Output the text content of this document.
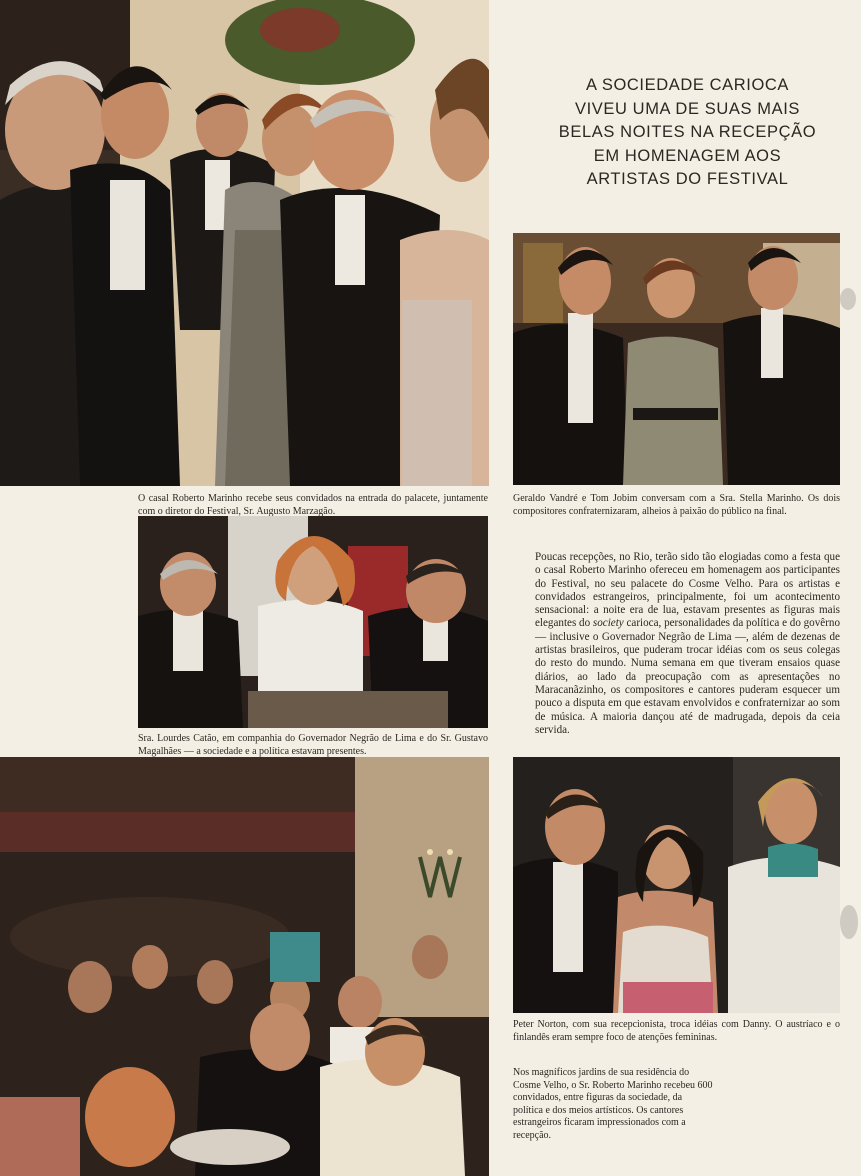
A SOCIEDADE CARIOCA
VIVEU UMA DE SUAS MAIS
BELAS NOITES NA RECEPÇÃO
EM HOMENAGEM AOS
ARTISTAS DO FESTIVAL
O casal Roberto Marinho recebe seus convidados na entrada do palacete, juntamente com o diretor do Festival, Sr. Augusto Marzagão.
Geraldo Vandré e Tom Jobim conversam com a Sra. Stella Marinho. Os dois compositores confraternizaram, alheios à paixão do público na final.
Sra. Lourdes Catão, em companhia do Governador Negrão de Lima e do Sr. Gustavo Magalhães — a sociedade e a política estavam presentes.
Poucas recepções, no Rio, terão sido tão elogiadas como a festa que o casal Roberto Marinho ofereceu em homenagem aos participantes do Festival, no seu palacete do Cosme Velho. Para os artistas e convidados estrangeiros, principalmente, foi um acontecimento sensacional: a noite era de lua, estavam presentes as figuras mais elegantes do society carioca, personalidades da política e do govêrno — inclusive o Governador Negrão de Lima —, além de dezenas de artistas brasileiros, que puderam trocar idéias com os seus colegas do resto do mundo. Numa semana em que tiveram ensaios quase diários, ao lado da preocupação com as apresentações no Maracanãzinho, os compositores e cantores puderam esquecer um pouco a disputa em que estavam envolvidos e confraternizar ao som de música. A maioria dançou até de madrugada, depois da ceia servida.
Peter Norton, com sua recepcionista, troca idéias com Danny. O austríaco e o finlandês eram sempre foco de atenções femininas.
Nos magníficos jardins de sua residência do Cosme Velho, o Sr. Roberto Marinho recebeu 600 convidados, entre figuras da sociedade, da política e dos meios artísticos. Os cantores estrangeiros ficaram impressionados com a recepção.
